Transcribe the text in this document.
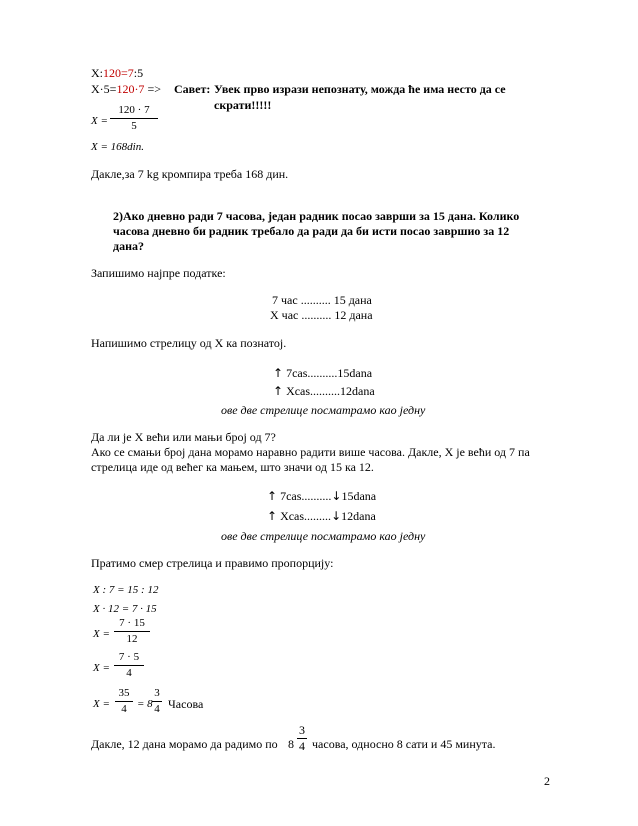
X:120=7:5
X·5=120·7 => Савет: Увек прво изрази непознату, можда ће има несто да се
скрати!!!!!
X =
120 · 7
5
X = 168din.
Дакле,за 7 kg кромпира треба 168 дин.
2)Ако дневно ради 7 часова, један радник посао заврши за 15 дана. Колико
часова дневно би радник требало да ради да би исти посао завршио за 12
дана?
Запишимо најпре податке:
7 час .......... 15 дана
X час .......... 12 дана
Напишимо стрелицу од X ка познатој.
↑ 7cas..........15dana
↑ Xcas..........12dana
ове две стрелице посматрамо као једну
Да ли је X већи или мањи број од 7?
Ако се смањи број дана морамо наравно радити више часова. Дакле, X је већи од 7 па
стрелица иде од већег ка мањем, што значи од 15 ка 12.
↑ 7cas..........↓15dana
↑ Xcas.........↓12dana
ове две стрелице посматрамо као једну
Пратимо смер стрелица и правимо пропорцију:
X : 7 = 15 : 12
X · 12 = 7 · 15
X =
7 · 15
12
X =
7 · 5
4
X =
35
4 = 8
3
4 Часова
Дакле, 12 дана морамо да радимо по 8
3
4 часова, односно 8 сати и 45 минута.
2
